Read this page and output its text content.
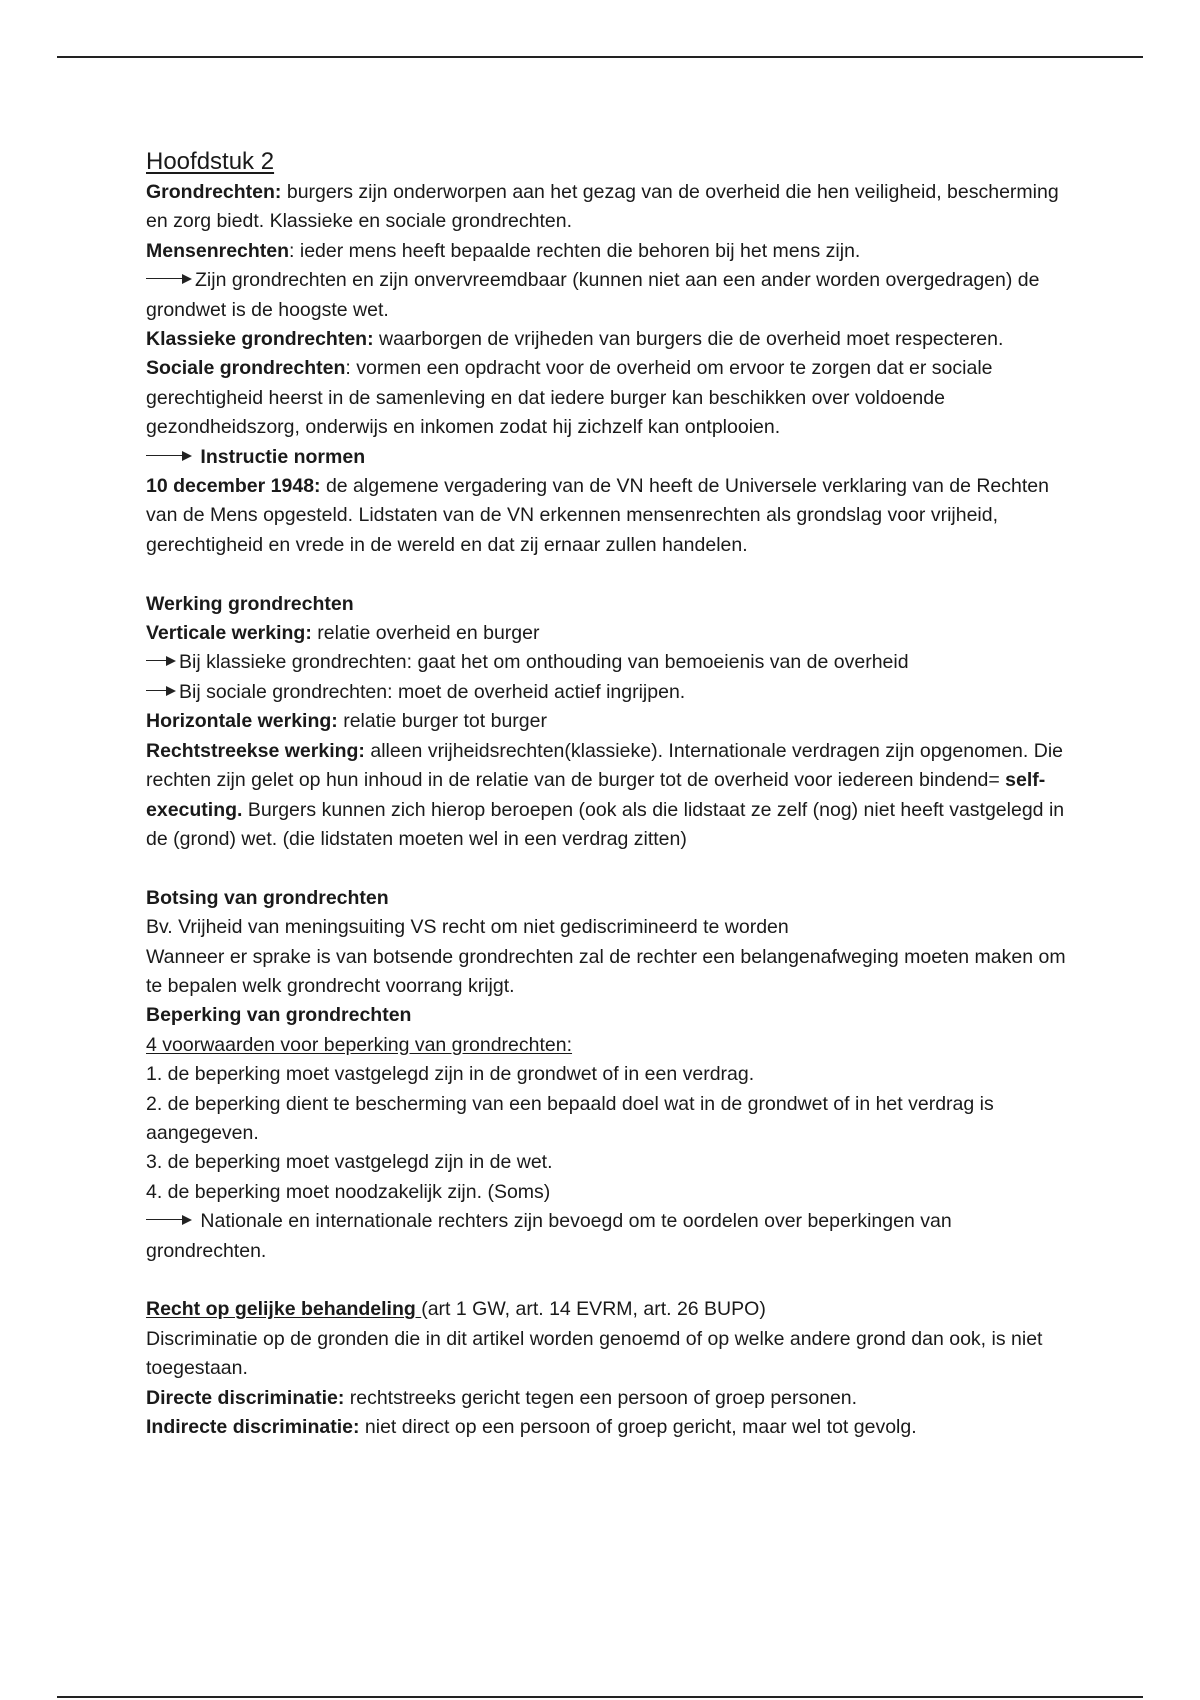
Hoofdstuk 2

Grondrechten: burgers zijn onderworpen aan het gezag van de overheid die hen veiligheid, bescherming en zorg biedt. Klassieke en sociale grondrechten.

Mensenrechten: ieder mens heeft bepaalde rechten die behoren bij het mens zijn.

Zijn grondrechten en zijn onvervreemdbaar (kunnen niet aan een ander worden overgedragen) de grondwet is de hoogste wet.

Klassieke grondrechten: waarborgen de vrijheden van burgers die de overheid moet respecteren.

Sociale grondrechten: vormen een opdracht voor de overheid om ervoor te zorgen dat er sociale gerechtigheid heerst in de samenleving en dat iedere burger kan beschikken over voldoende gezondheidszorg, onderwijs en inkomen zodat hij zichzelf kan ontplooien.

Instructie normen

10 december 1948: de algemene vergadering van de VN heeft de Universele verklaring van de Rechten van de Mens opgesteld. Lidstaten van de VN erkennen mensenrechten als grondslag voor vrijheid, gerechtigheid en vrede in de wereld en dat zij ernaar zullen handelen.

Werking grondrechten

Verticale werking: relatie overheid en burger

Bij klassieke grondrechten: gaat het om onthouding van bemoeienis van de overheid

Bij sociale grondrechten: moet de overheid actief ingrijpen.

Horizontale werking: relatie burger tot burger

Rechtstreekse werking: alleen vrijheidsrechten(klassieke). Internationale verdragen zijn opgenomen. Die rechten zijn gelet op hun inhoud in de relatie van de burger tot de overheid voor iedereen bindend= self-executing. Burgers kunnen zich hierop beroepen (ook als die lidstaat ze zelf (nog) niet heeft vastgelegd in de (grond) wet. (die lidstaten moeten wel in een verdrag zitten)

Botsing van grondrechten

Bv. Vrijheid van meningsuiting VS recht om niet gediscrimineerd te worden

Wanneer er sprake is van botsende grondrechten zal de rechter een belangenafweging moeten maken om te bepalen welk grondrecht voorrang krijgt.

Beperking van grondrechten

4 voorwaarden voor beperking van grondrechten:

1. de beperking moet vastgelegd zijn in de grondwet of in een verdrag.

2. de beperking dient te bescherming van een bepaald doel wat in de grondwet of in het verdrag is aangegeven.

3. de beperking moet vastgelegd zijn in de wet.

4. de beperking moet noodzakelijk zijn. (Soms)

Nationale en internationale rechters zijn bevoegd om te oordelen over beperkingen van grondrechten.

Recht op gelijke behandeling (art 1 GW, art. 14 EVRM, art. 26 BUPO)

Discriminatie op de gronden die in dit artikel worden genoemd of op welke andere grond dan ook, is niet toegestaan.

Directe discriminatie: rechtstreeks gericht tegen een persoon of groep personen.

Indirecte discriminatie: niet direct op een persoon of groep gericht, maar wel tot gevolg.
